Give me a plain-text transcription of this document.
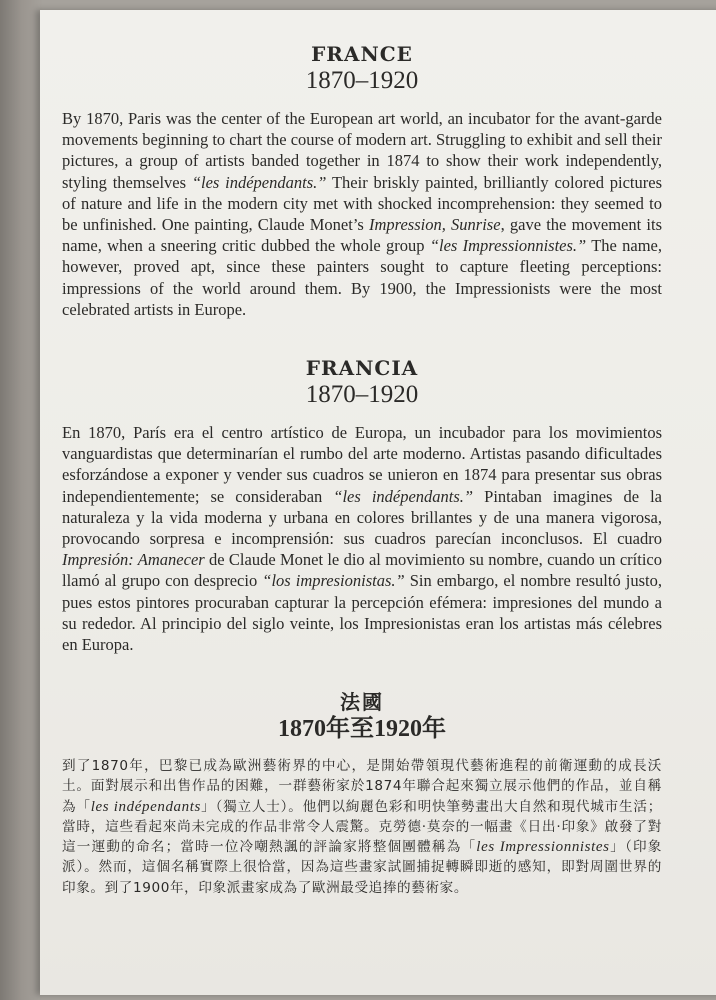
FRANCE
1870–1920

By 1870, Paris was the center of the European art world, an incubator for the avant-garde movements beginning to chart the course of modern art. Struggling to exhibit and sell their pictures, a group of artists banded together in 1874 to show their work independently, styling themselves “les indépendants.” Their briskly painted, brilliantly colored pictures of nature and life in the modern city met with shocked incomprehension: they seemed to be unfinished. One painting, Claude Monet’s Impression, Sunrise, gave the movement its name, when a sneering critic dubbed the whole group “les Impressionnistes.” The name, however, proved apt, since these painters sought to capture fleeting perceptions: impressions of the world around them. By 1900, the Impressionists were the most celebrated artists in Europe.

FRANCIA
1870–1920

En 1870, París era el centro artístico de Europa, un incubador para los movimientos vanguardistas que determinarían el rumbo del arte moderno. Artistas pasando dificultades esforzándose a exponer y vender sus cuadros se unieron en 1874 para presentar sus obras independientemente; se consideraban “les indépendants.” Pintaban imagines de la naturaleza y la vida moderna y urbana en colores brillantes y de una manera vigorosa, provocando sorpresa e incomprensión: sus cuadros parecían inconclusos. El cuadro Impresión: Amanecer de Claude Monet le dio al movimiento su nombre, cuando un crítico llamó al grupo con desprecio “los impresionistas.” Sin embargo, el nombre resultó justo, pues estos pintores procuraban capturar la percepción efémera: impresiones del mundo a su rededor. Al principio del siglo veinte, los Impresionistas eran los artistas más célebres en Europa.

法國
1870年至1920年

到了1870年，巴黎已成為歐洲藝術界的中心，是開始帶領現代藝術進程的前衛運動的成長沃土。面對展示和出售作品的困難，一群藝術家於1874年聯合起來獨立展示他們的作品，並自稱為「les indépendants」（獨立人士）。他們以絢麗色彩和明快筆勢畫出大自然和現代城市生活；當時，這些看起來尚未完成的作品非常令人震驚。克勞德·莫奈的一幅畫《日出·印象》啟發了對這一運動的命名；當時一位冷嘲熱諷的評論家將整個團體稱為「les Impressionnistes」（印象派）。然而，這個名稱實際上很恰當，因為這些畫家試圖捕捉轉瞬即逝的感知，即對周圍世界的印象。到了1900年，印象派畫家成為了歐洲最受追捧的藝術家。
